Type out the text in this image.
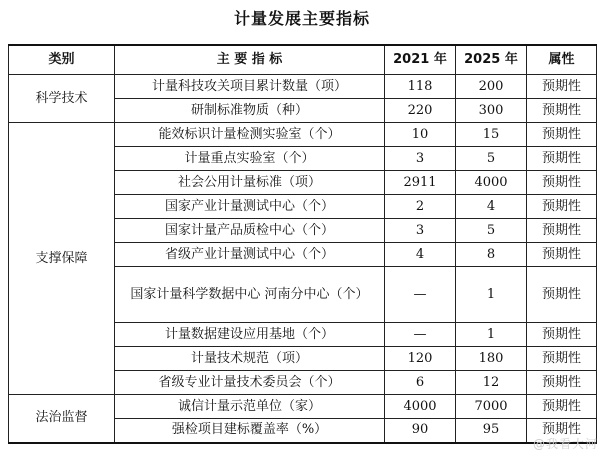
计量发展主要指标
类别	主 要 指 标	2021 年	2025 年	属性
科学技术	计量科技攻关项目累计数量（项）	118	200	预期性
	研制标准物质（种）	220	300	预期性
支撑保障	能效标识计量检测实验室（个）	10	15	预期性
	计量重点实验室（个）	3	5	预期性
	社会公用计量标准（项）	2911	4000	预期性
	国家产业计量测试中心（个）	2	4	预期性
	国家计量产品质检中心（个）	3	5	预期性
	省级产业计量测试中心（个）	4	8	预期性
	国家计量科学数据中心 河南分中心（个）	—	1	预期性
	计量数据建设应用基地（个）	—	1	预期性
	计量技术规范（项）	120	180	预期性
	省级专业计量技术委员会（个）	6	12	预期性
法治监督	诚信计量示范单位（家）	4000	7000	预期性
	强检项目建标覆盖率（%）	90	95	预期性
@我看大河
